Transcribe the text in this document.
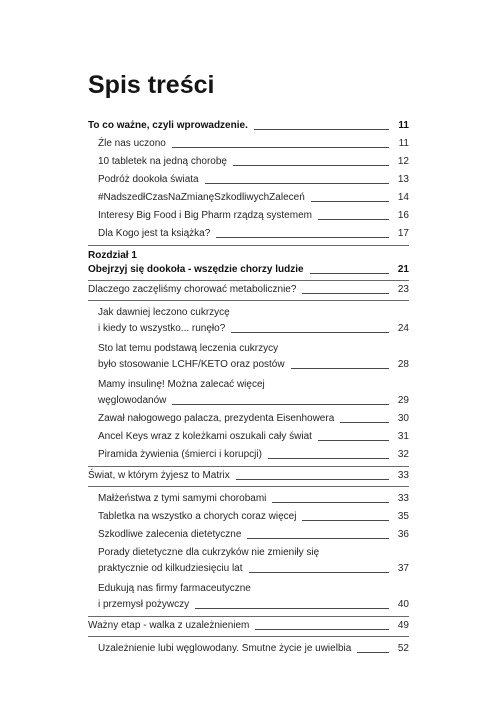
Spis treści
To co ważne, czyli wprowadzenie.	11
Źle nas uczono	11
10 tabletek na jedną chorobę	12
Podróż dookoła świata	13
#NadszedłCzasNaZmianęSzkodliwychZaleceń	14
Interesy Big Food i Big Pharm rządzą systemem	16
Dla Kogo jest ta książka?	17
Rozdział 1
Obejrzyj się dookoła - wszędzie chorzy ludzie	21
Dlaczego zaczęliśmy chorować metabolicznie?	23
Jak dawniej leczono cukrzycę
i kiedy to wszystko... runęło?	24
Sto lat temu podstawą leczenia cukrzycy
było stosowanie LCHF/KETO oraz postów	28
Mamy insulinę! Można zalecać więcej
węglowodanów	29
Zawał nałogowego palacza, prezydenta Eisenhowera	30
Ancel Keys wraz z koleżkami oszukali cały świat	31
Piramida żywienia (śmierci i korupcji)	32
Świat, w którym żyjesz to Matrix	33
Małżeństwa z tymi samymi chorobami	33
Tabletka na wszystko a chorych coraz więcej	35
Szkodliwe zalecenia dietetyczne	36
Porady dietetyczne dla cukrzyków nie zmieniły się
praktycznie od kilkudziesięciu lat	37
Edukują nas firmy farmaceutyczne
i przemysł pożywczy	40
Ważny etap - walka z uzależnieniem	49
Uzależnienie lubi węglowodany. Smutne życie je uwielbia	52
